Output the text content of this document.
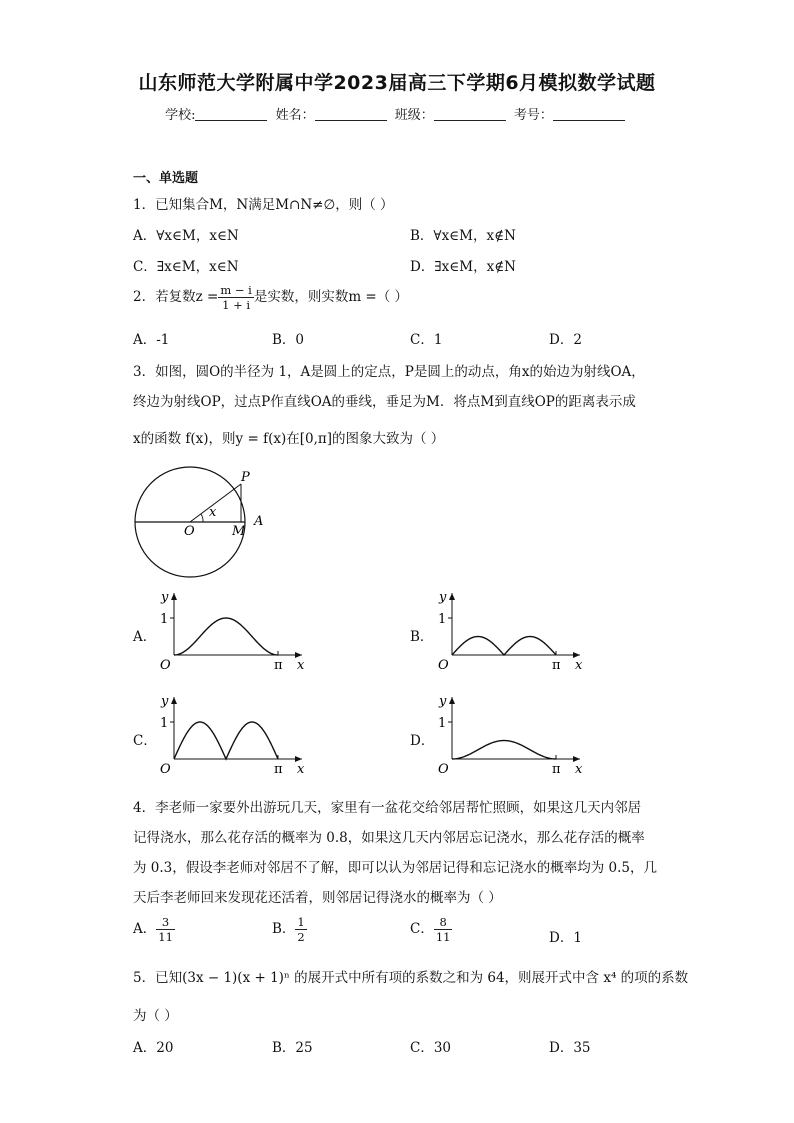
山东师范大学附属中学2023届高三下学期6月模拟数学试题
学校:	姓名：	班级：	考号：
一、单选题
1．已知集合M，N满足M∩N≠∅，则（ ）
A．∀x∈M，x∈N	B．∀x∈M，x∉N
C．∃x∈M，x∈N	D．∃x∈M，x∉N
2．若复数$z = \frac{m - i}{1 + i}$ 是实数，则实数m =（ ）
A．-1	B．0	C．1	D．2
3．如图，圆O的半径为 1，A是圆上的定点，P是圆上的动点，角x的始边为射线OA，
终边为射线OP，过点P作直线OA的垂线，垂足为M．将点M到直线OP的距离表示成
x的函数 f(x)，则y = f(x)在[0,π]的图象大致为（ ）
P
x
O	M
A
A．	B．
C．	D．
y
1
O	π x
y
1
O	π x
y
1
O	π x
y
1
O	π x
4．李老师一家要外出游玩几天，家里有一盆花交给邻居帮忙照顾，如果这几天内邻居
记得浇水，那么花存活的概率为 0.8，如果这几天内邻居忘记浇水，那么花存活的概率
为 0.3，假设李老师对邻居不了解，即可以认为邻居记得和忘记浇水的概率均为 0.5，几
天后李老师回来发现花还活着，则邻居记得浇水的概率为（ ）
A． $\frac{3}{11}$	B． $\frac{1}{2}$	C． $\frac{8}{11}$	D．1
5．已知(3x − 1)(x + 1)ⁿ 的展开式中所有项的系数之和为 64，则展开式中含 x⁴ 的项的系数
为（ ）
A．20	B．25	C．30	D．35
